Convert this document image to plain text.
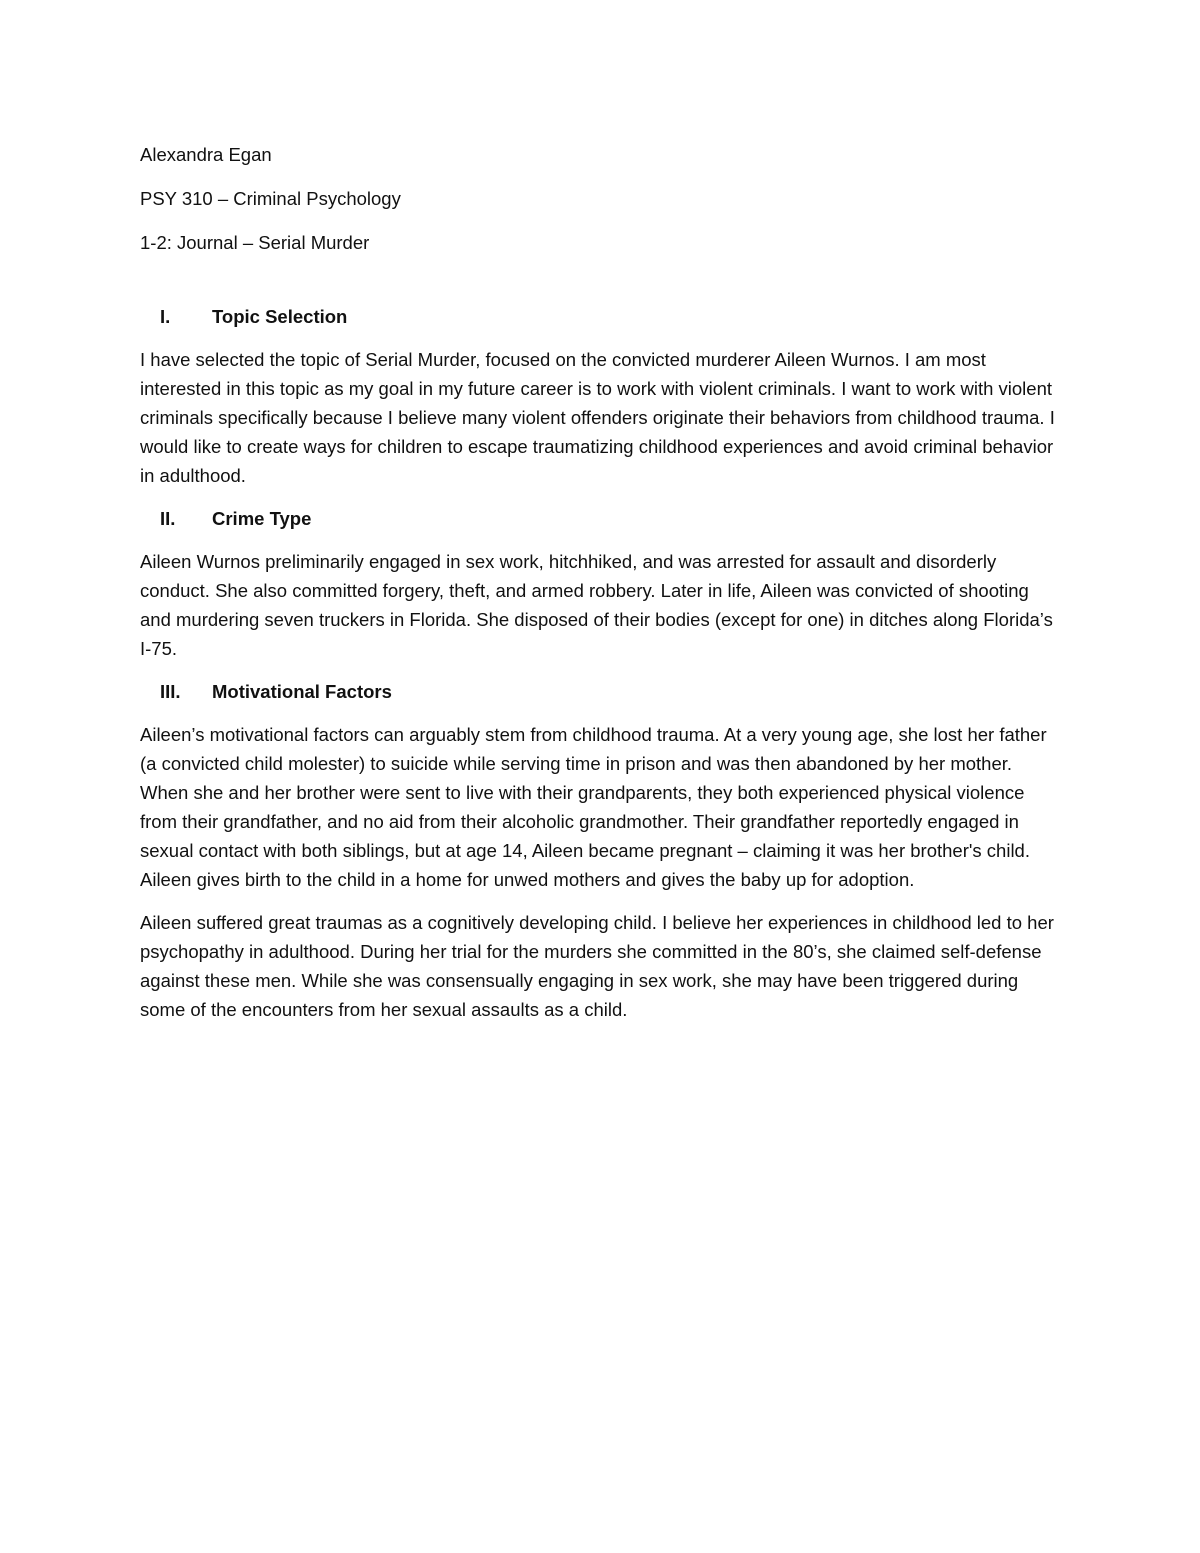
Alexandra Egan
PSY 310 – Criminal Psychology
1-2: Journal – Serial Murder
I.	Topic Selection

I have selected the topic of Serial Murder, focused on the convicted murderer Aileen Wurnos. I am most interested in this topic as my goal in my future career is to work with violent criminals. I want to work with violent criminals specifically because I believe many violent offenders originate their behaviors from childhood trauma. I would like to create ways for children to escape traumatizing childhood experiences and avoid criminal behavior in adulthood.

II.	Crime Type

Aileen Wurnos preliminarily engaged in sex work, hitchhiked, and was arrested for assault and disorderly conduct. She also committed forgery, theft, and armed robbery. Later in life, Aileen was convicted of shooting and murdering seven truckers in Florida. She disposed of their bodies (except for one) in ditches along Florida’s I-75.

III.	Motivational Factors

Aileen’s motivational factors can arguably stem from childhood trauma. At a very young age, she lost her father (a convicted child molester) to suicide while serving time in prison and was then abandoned by her mother. When she and her brother were sent to live with their grandparents, they both experienced physical violence from their grandfather, and no aid from their alcoholic grandmother. Their grandfather reportedly engaged in sexual contact with both siblings, but at age 14, Aileen became pregnant – claiming it was her brother's child. Aileen gives birth to the child in a home for unwed mothers and gives the baby up for adoption.

Aileen suffered great traumas as a cognitively developing child. I believe her experiences in childhood led to her psychopathy in adulthood. During her trial for the murders she committed in the 80’s, she claimed self-defense against these men. While she was consensually engaging in sex work, she may have been triggered during some of the encounters from her sexual assaults as a child.
